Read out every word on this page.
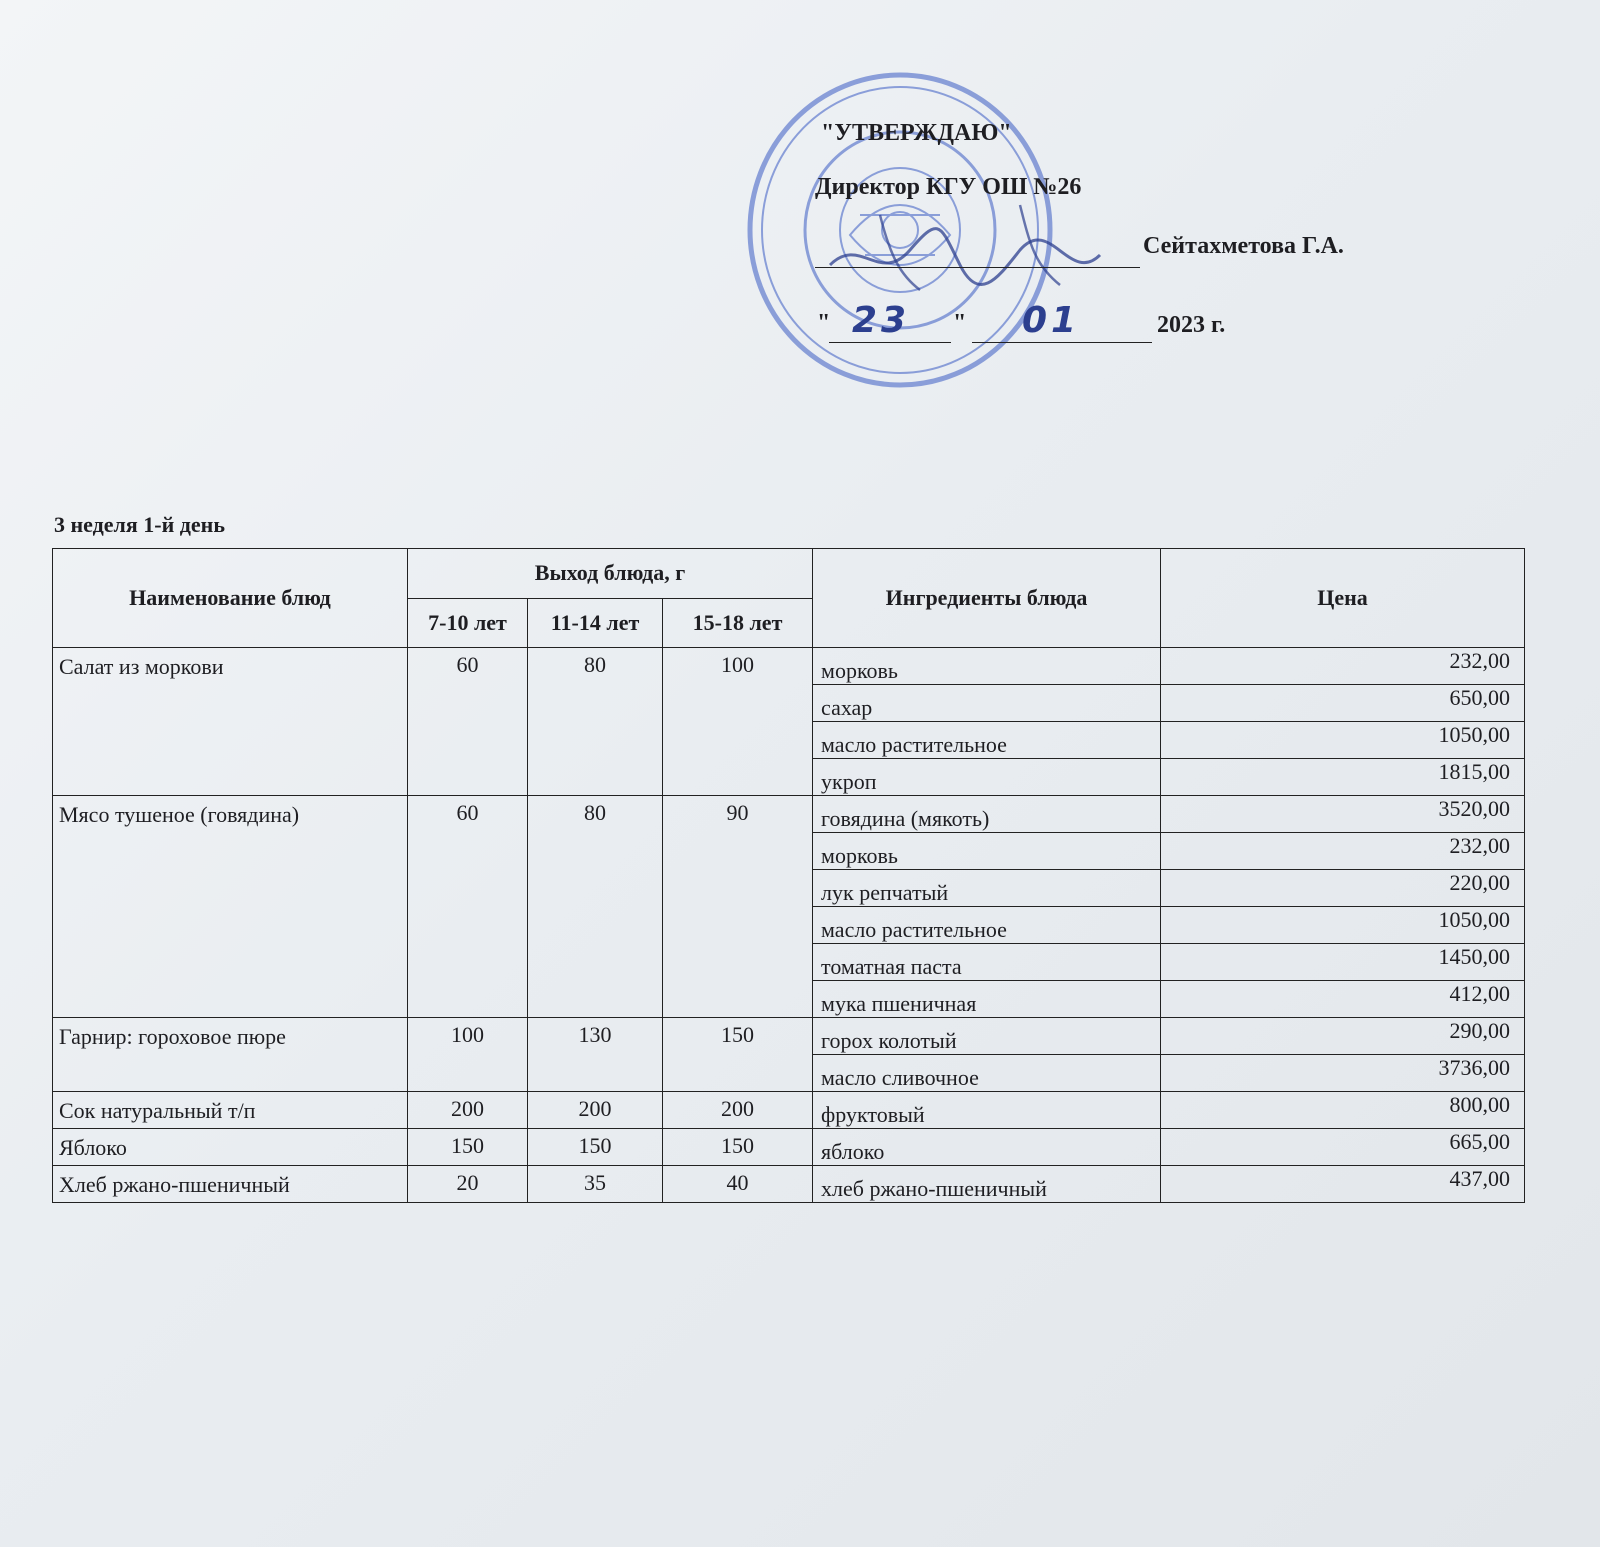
"УТВЕРЖДАЮ"
Директор КГУ ОШ №26
Сейтахметова Г.А.
" 23 " 01	2023 г.
3 неделя 1-й день
Наименование блюд	Выход блюда, г			Ингредиенты блюда	Цена
	7-10 лет	11-14 лет	15-18 лет		
Салат из моркови	60	80	100	морковь	232,00
				сахар	650,00
				масло растительное	1050,00
				укроп	1815,00
Мясо тушеное (говядина)	60	80	90	говядина (мякоть)	3520,00
				морковь	232,00
				лук репчатый	220,00
				масло растительное	1050,00
				томатная паста	1450,00
				мука пшеничная	412,00
Гарнир: гороховое пюре	100	130	150	горох колотый	290,00
				масло сливочное	3736,00
Сок натуральный т/п	200	200	200	фруктовый	800,00
Яблоко	150	150	150	яблоко	665,00
Хлеб ржано-пшеничный	20	35	40	хлеб ржано-пшеничный	437,00
